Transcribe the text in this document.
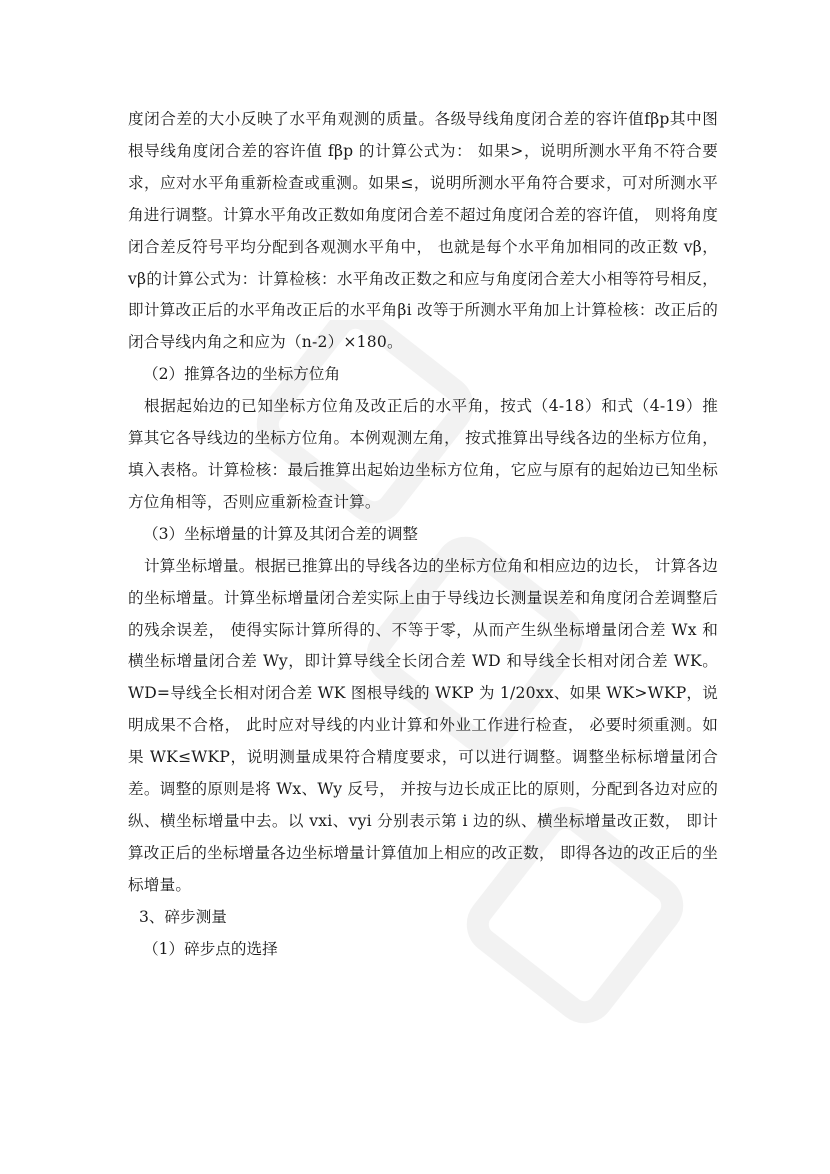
度闭合差的大小反映了水平角观测的质量。各级导线角度闭合差的容许值fβp其中图根导线角度闭合差的容许值 fβp 的计算公式为： 如果>，说明所测水平角不符合要求，应对水平角重新检查或重测。如果≤，说明所测水平角符合要求，可对所测水平角进行调整。计算水平角改正数如角度闭合差不超过角度闭合差的容许值， 则将角度闭合差反符号平均分配到各观测水平角中， 也就是每个水平角加相同的改正数 vβ， vβ的计算公式为：计算检核：水平角改正数之和应与角度闭合差大小相等符号相反， 即计算改正后的水平角改正后的水平角βi 改等于所测水平角加上计算检核：改正后的闭合导线内角之和应为（n-2）×180。

（2）推算各边的坐标方位角

根据起始边的已知坐标方位角及改正后的水平角，按式（4-18）和式（4-19）推算其它各导线边的坐标方位角。本例观测左角， 按式推算出导线各边的坐标方位角，填入表格。计算检核：最后推算出起始边坐标方位角，它应与原有的起始边已知坐标方位角相等，否则应重新检查计算。

（3）坐标增量的计算及其闭合差的调整

计算坐标增量。根据已推算出的导线各边的坐标方位角和相应边的边长， 计算各边的坐标增量。计算坐标增量闭合差实际上由于导线边长测量误差和角度闭合差调整后的残余误差， 使得实际计算所得的、不等于零，从而产生纵坐标增量闭合差 Wx 和横坐标增量闭合差 Wy，即计算导线全长闭合差 WD 和导线全长相对闭合差 WK。WD=导线全长相对闭合差 WK 图根导线的 WKP 为 1/20xx、如果 WK>WKP，说明成果不合格， 此时应对导线的内业计算和外业工作进行检查， 必要时须重测。如果 WK≤WKP，说明测量成果符合精度要求，可以进行调整。调整坐标标增量闭合差。调整的原则是将 Wx、Wy 反号， 并按与边长成正比的原则，分配到各边对应的纵、横坐标增量中去。以 vxi、vyi 分别表示第 i 边的纵、横坐标增量改正数， 即计算改正后的坐标增量各边坐标增量计算值加上相应的改正数， 即得各边的改正后的坐标增量。

3、碎步测量

（1）碎步点的选择
